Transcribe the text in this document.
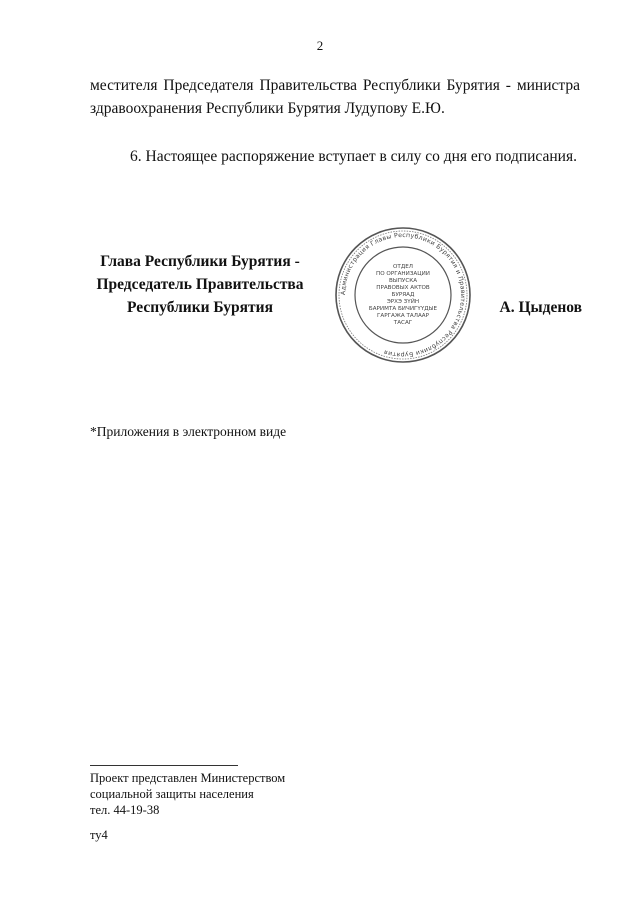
2
местителя Председателя Правительства Республики Бурятия - министра
здравоохранения Республики Бурятия Лудупову Е.Ю.
6. Настоящее распоряжение вступает в силу со дня его подписания.
Глава Республики Бурятия -
Председатель Правительства
Республики Бурятия
Администрация Главы Республики Бурятия и Правительства Республики Бурятия
ОТДЕЛ
ПО ОРГАНИЗАЦИИ
ВЫПУСКА
ПРАВОВЫХ АКТОВ
БУРЯАД
ЭРХЭ ЗҮЙН
БАРИМТА БИЧИГҮҮДЫЕ
ГАРГАЖА ТАЛААР
ТАСАГ
А. Цыденов
*Приложения в электронном виде
Проект представлен Министерством
социальной защиты населения
тел. 44-19-38
ту4
